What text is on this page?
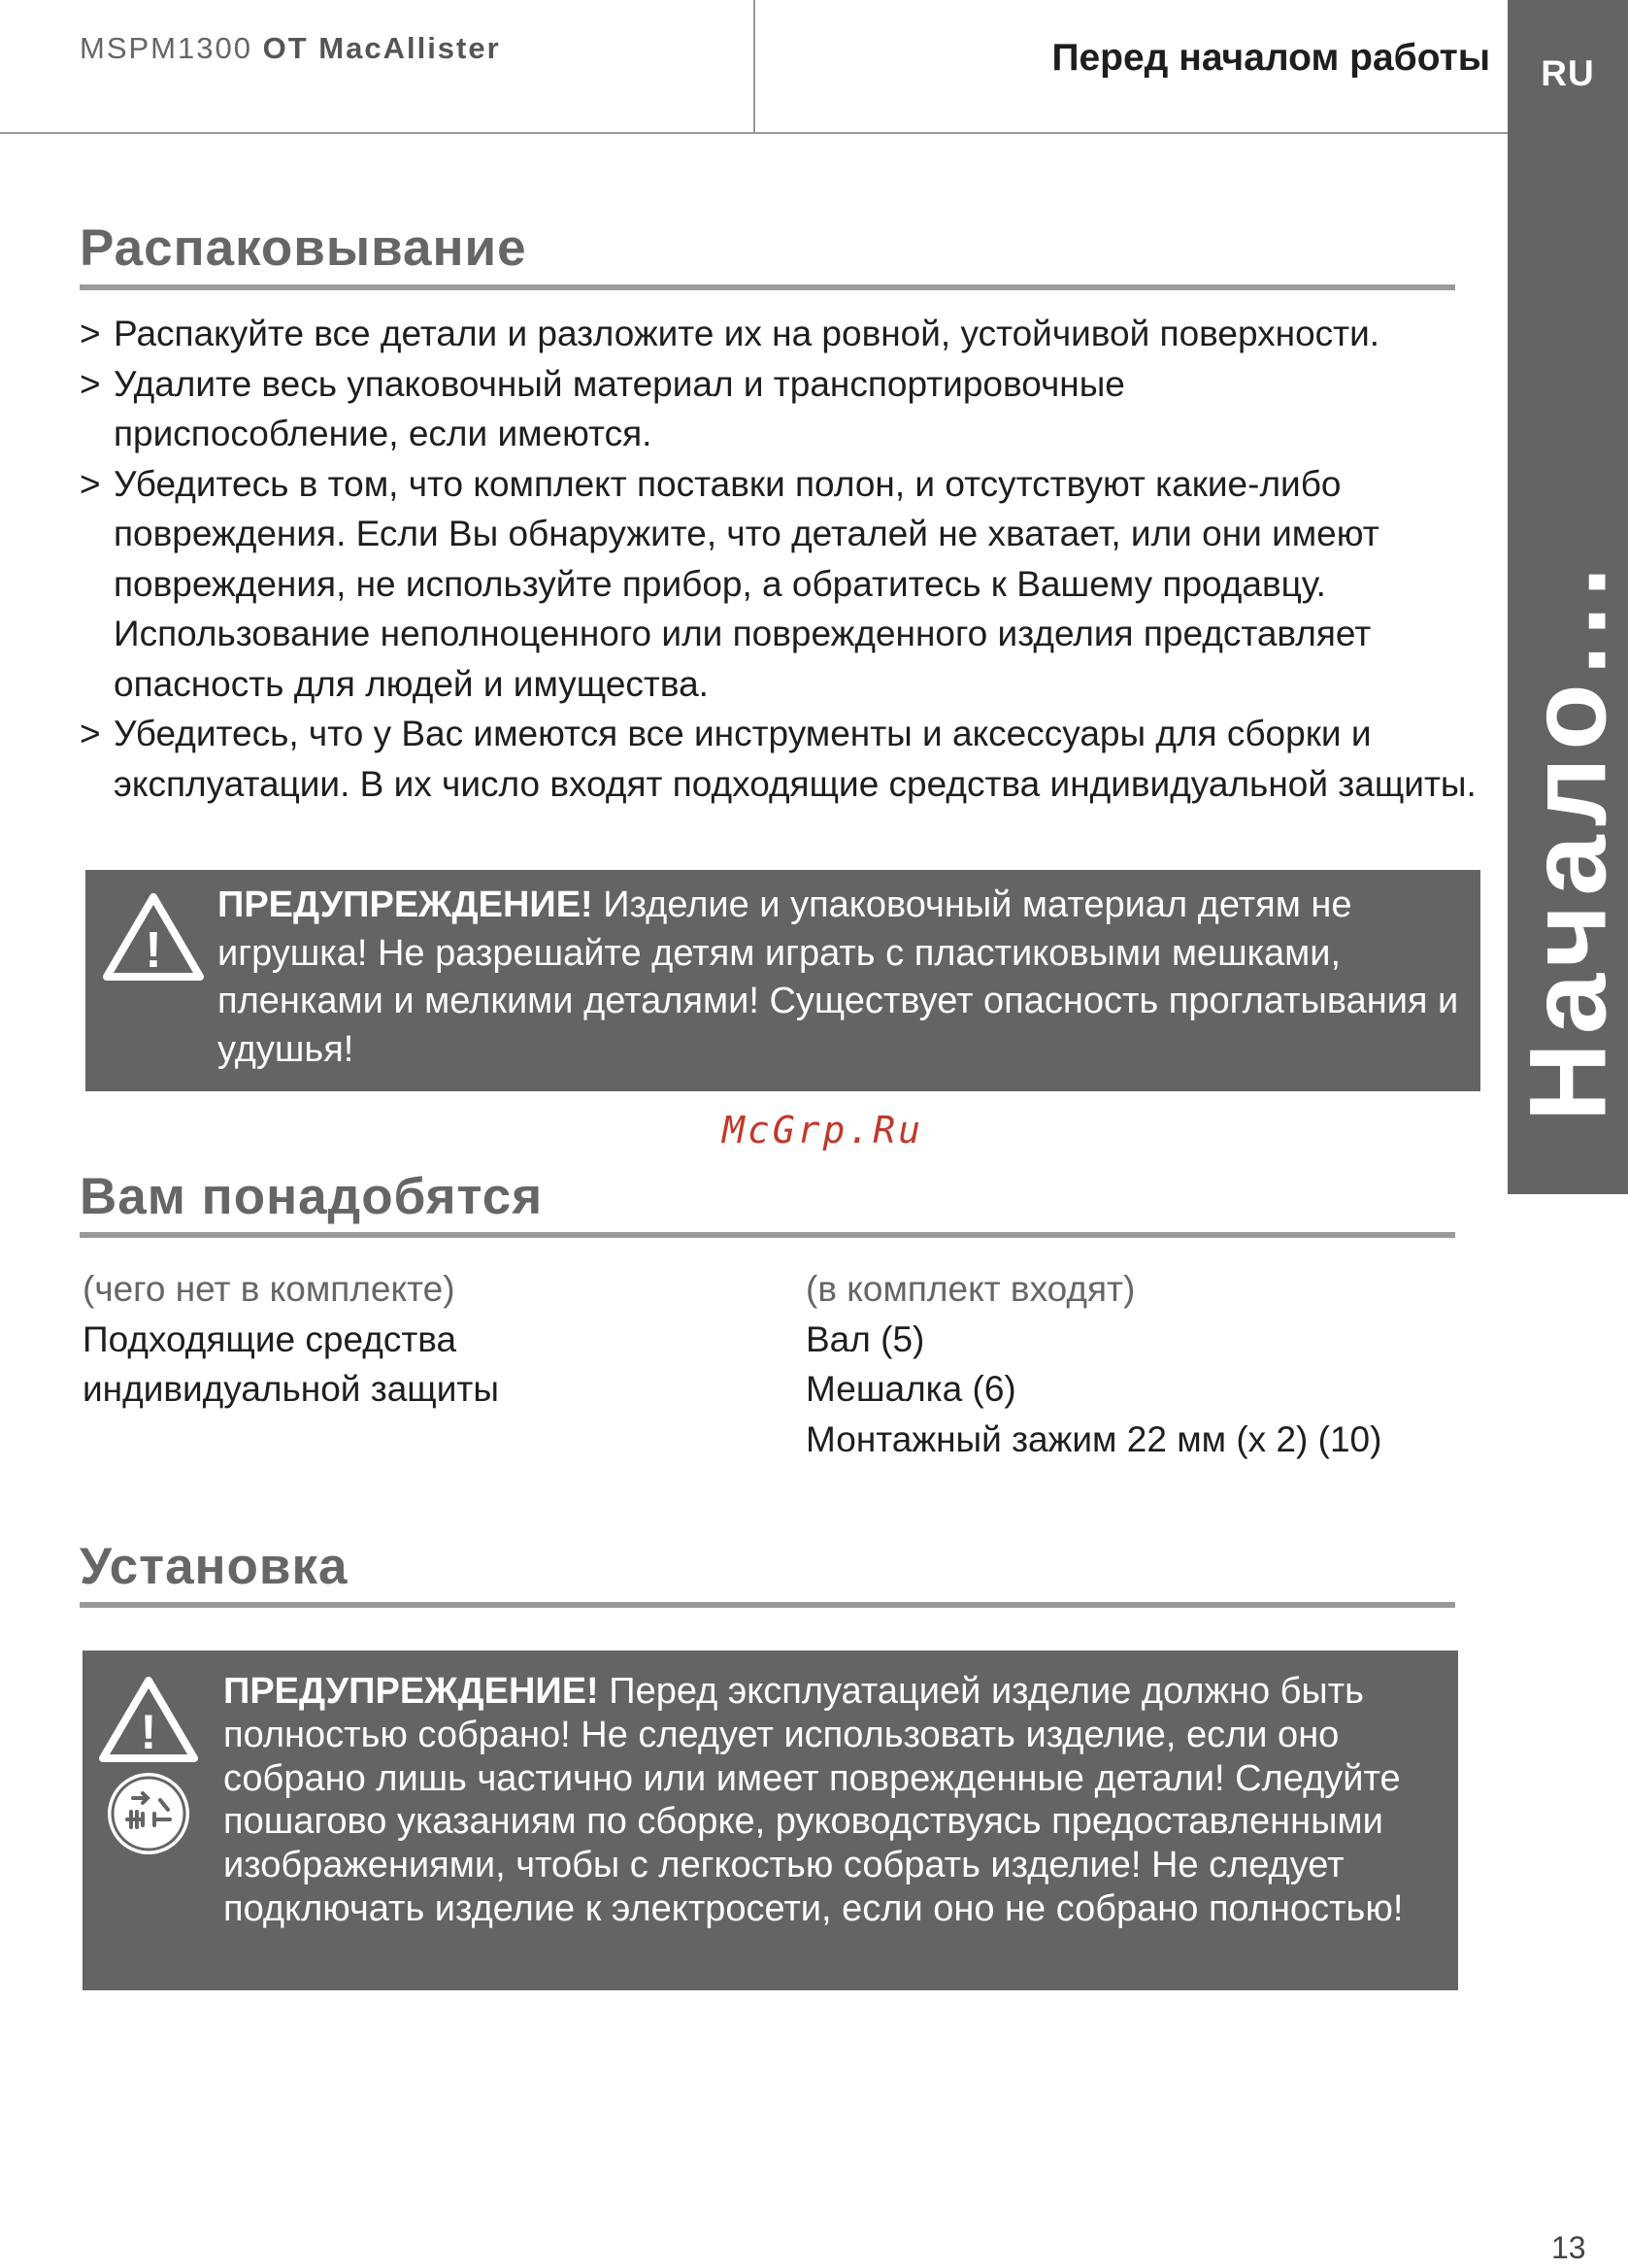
MSPM1300 OT MacAllister	Перед началом работы	RU
Начало...
Распаковывание
> Распакуйте все детали и разложите их на ровной, устойчивой поверхности.
> Удалите весь упаковочный материал и транспортировочные приспособление, если имеются.
> Убедитесь в том, что комплект поставки полон, и отсутствуют какие-либо повреждения. Если Вы обнаружите, что деталей не хватает, или они имеют повреждения, не используйте прибор, а обратитесь к Вашему продавцу. Использование неполноценного или поврежденного изделия представляет опасность для людей и имущества.
> Убедитесь, что у Вас имеются все инструменты и аксессуары для сборки и эксплуатации. В их число входят подходящие средства индивидуальной защиты.
!
ПРЕДУПРЕЖДЕНИЕ! Изделие и упаковочный материал детям не игрушка! Не разрешайте детям играть с пластиковыми мешками, пленками и мелкими деталями! Существует опасность проглатывания и удушья!
McGrp.Ru
Вам понадобятся
(чего нет в комплекте)
Подходящие средства
индивидуальной защиты
(в комплект входят)
Вал (5)
Мешалка (6)
Монтажный зажим 22 мм (x 2) (10)
Установка
!
ПРЕДУПРЕЖДЕНИЕ! Перед эксплуатацией изделие должно быть полностью собрано! Не следует использовать изделие, если оно собрано лишь частично или имеет поврежденные детали! Следуйте пошагово указаниям по сборке, руководствуясь предоставленными изображениями, чтобы с легкостью собрать изделие! Не следует подключать изделие к электросети, если оно не собрано полностью!
13
